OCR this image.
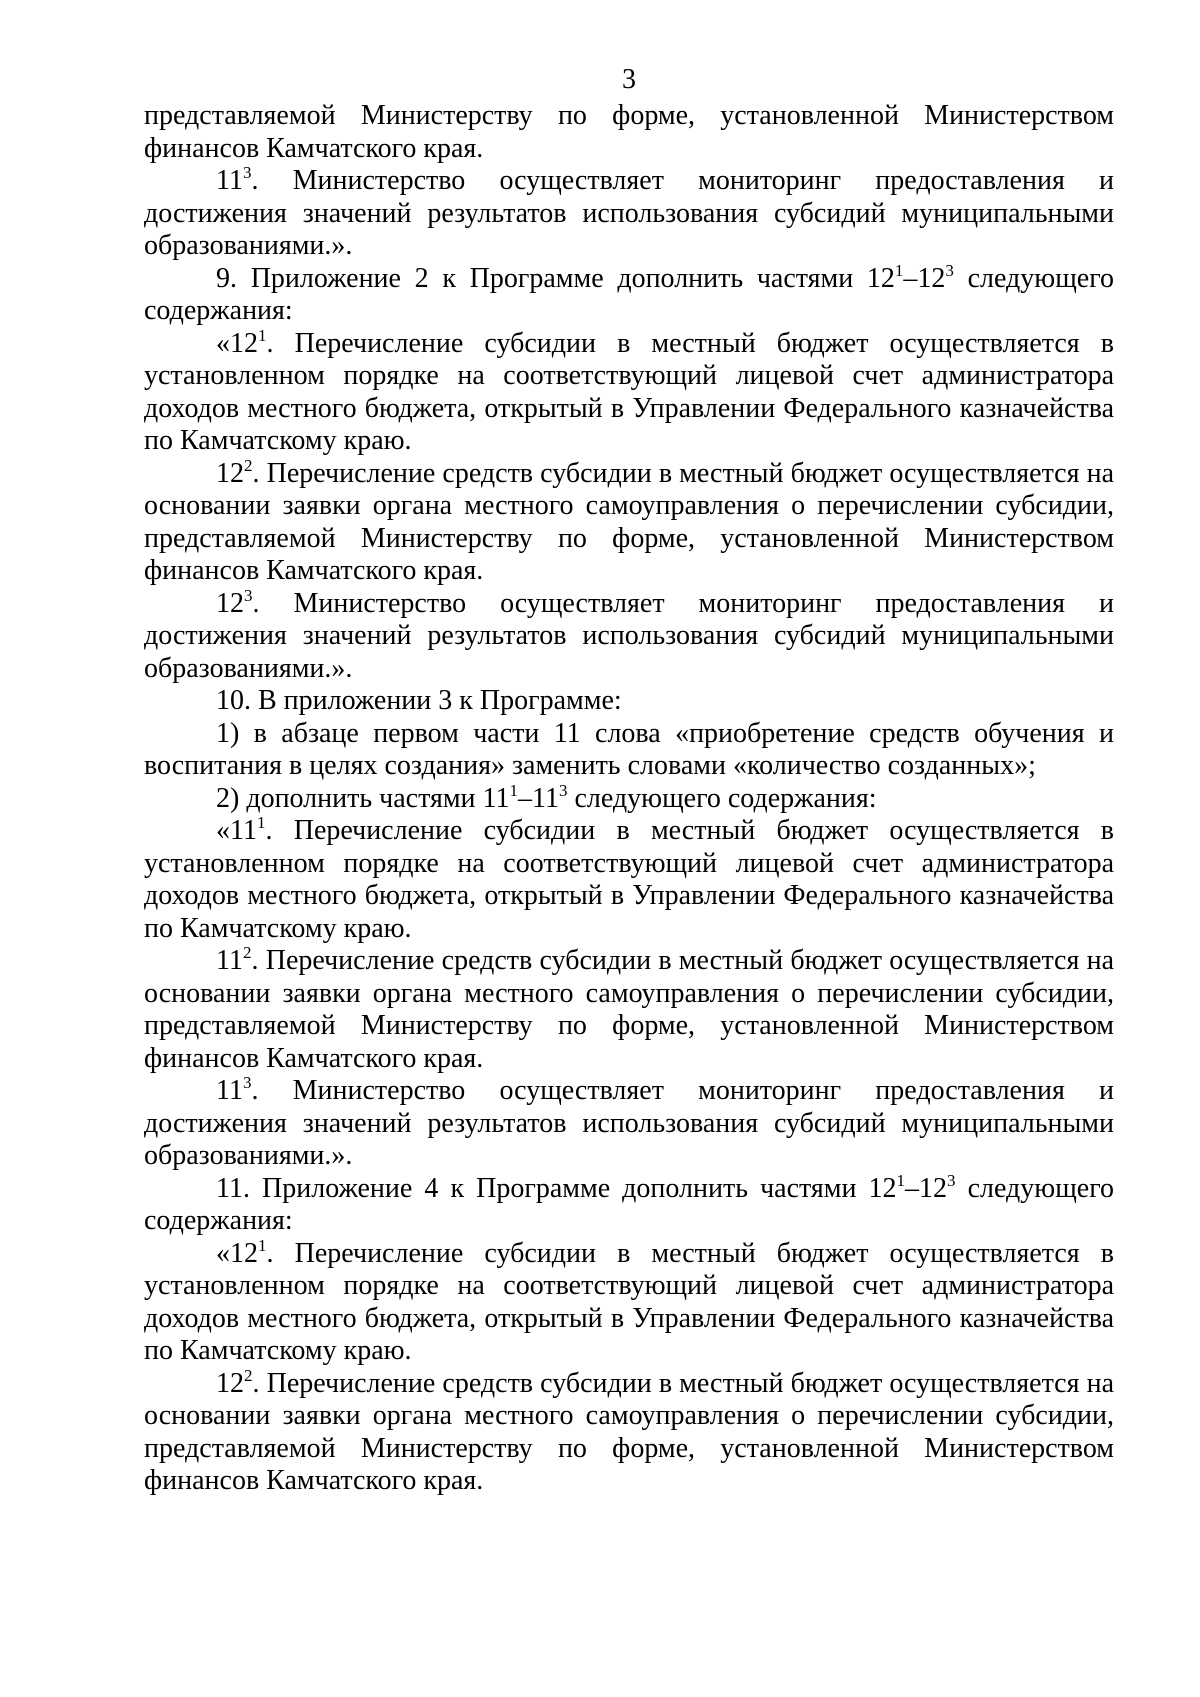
3

представляемой Министерству по форме, установленной Министерством финансов Камчатского края.

$11^3$. Министерство осуществляет мониторинг предоставления и достижения значений результатов использования субсидий муниципальными образованиями.».

9. Приложение 2 к Программе дополнить частями $12^1-12^3$ следующего содержания:

«$12^1$. Перечисление субсидии в местный бюджет осуществляется в установленном порядке на соответствующий лицевой счет администратора доходов местного бюджета, открытый в Управлении Федерального казначейства по Камчатскому краю.

$12^2$. Перечисление средств субсидии в местный бюджет осуществляется на основании заявки органа местного самоуправления о перечислении субсидии, представляемой Министерству по форме, установленной Министерством финансов Камчатского края.

$12^3$. Министерство осуществляет мониторинг предоставления и достижения значений результатов использования субсидий муниципальными образованиями.».

10. В приложении 3 к Программе:

1) в абзаце первом части 11 слова «приобретение средств обучения и воспитания в целях создания» заменить словами «количество созданных»;

2) дополнить частями $11^1-11^3$ следующего содержания:

«$11^1$. Перечисление субсидии в местный бюджет осуществляется в установленном порядке на соответствующий лицевой счет администратора доходов местного бюджета, открытый в Управлении Федерального казначейства по Камчатскому краю.

$11^2$. Перечисление средств субсидии в местный бюджет осуществляется на основании заявки органа местного самоуправления о перечислении субсидии, представляемой Министерству по форме, установленной Министерством финансов Камчатского края.

$11^3$. Министерство осуществляет мониторинг предоставления и достижения значений результатов использования субсидий муниципальными образованиями.».

11. Приложение 4 к Программе дополнить частями $12^1-12^3$ следующего содержания:

«$12^1$. Перечисление субсидии в местный бюджет осуществляется в установленном порядке на соответствующий лицевой счет администратора доходов местного бюджета, открытый в Управлении Федерального казначейства по Камчатскому краю.

$12^2$. Перечисление средств субсидии в местный бюджет осуществляется на основании заявки органа местного самоуправления о перечислении субсидии, представляемой Министерству по форме, установленной Министерством финансов Камчатского края.
